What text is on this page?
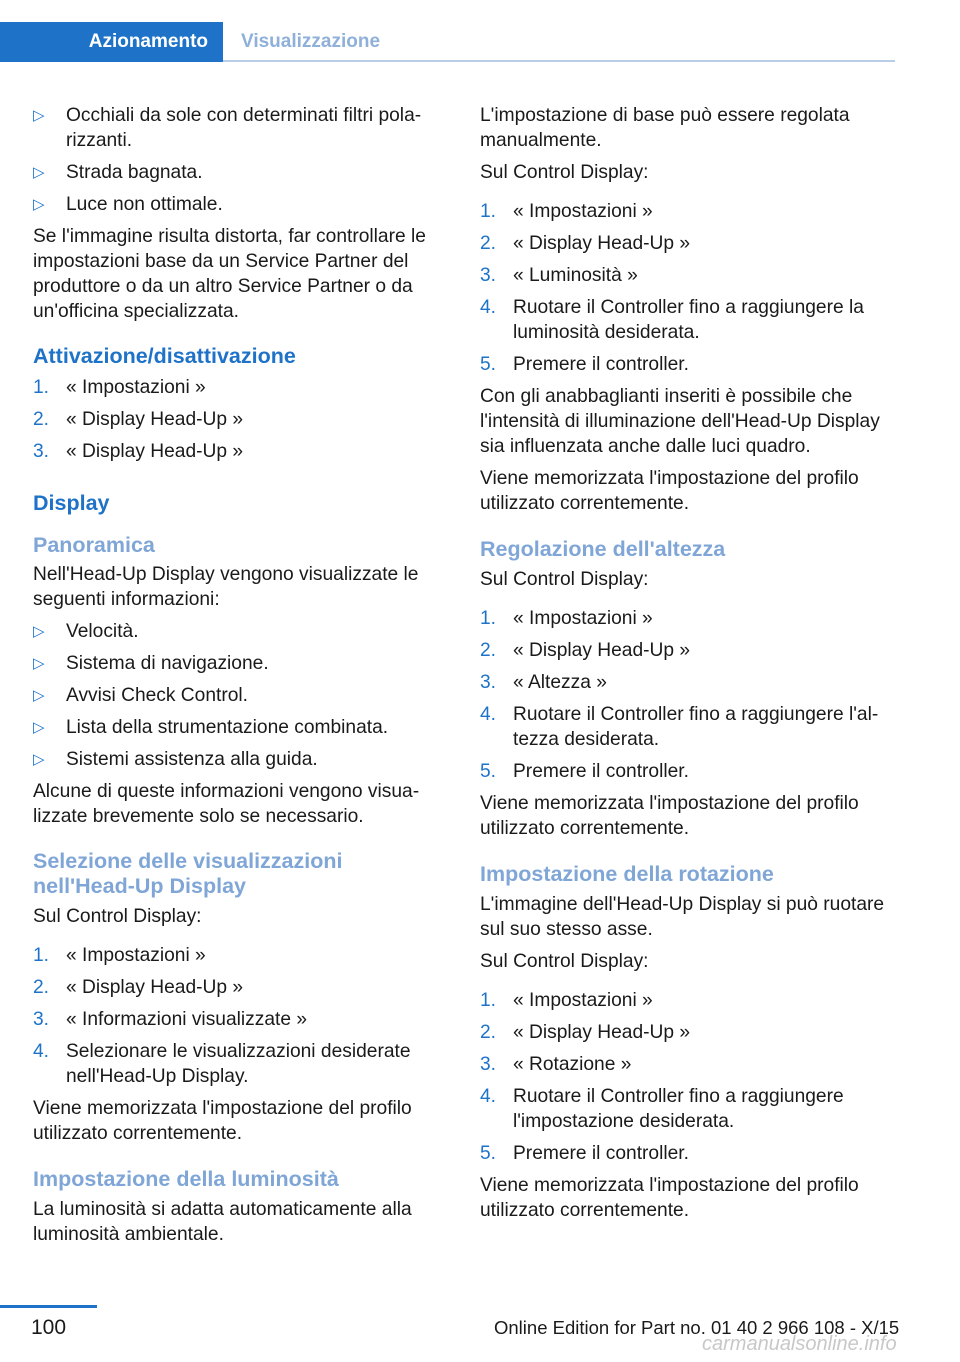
Azionamento	Visualizzazione
▷ Occhiali da sole con determinati filtri polarizzanti.
▷ Strada bagnata.
▷ Luce non ottimale.

Se l'immagine risulta distorta, far controllare le impostazioni base da un Service Partner del produttore o da un altro Service Partner o da un'officina specializzata.

Attivazione/disattivazione
1. « Impostazioni »
2. « Display Head-Up »
3. « Display Head-Up »
Display
Panoramica

Nell'Head-Up Display vengono visualizzate le seguenti informazioni:

▷ Velocità.
▷ Sistema di navigazione.
▷ Avvisi Check Control.
▷ Lista della strumentazione combinata.
▷ Sistemi assistenza alla guida.

Alcune di queste informazioni vengono visualizzate brevemente solo se necessario.

Selezione delle visualizzazioni nell'Head-Up Display

Sul Control Display:

1. « Impostazioni »
2. « Display Head-Up »
3. « Informazioni visualizzate »
4. Selezionare le visualizzazioni desiderate nell'Head-Up Display.

Viene memorizzata l'impostazione del profilo utilizzato correntemente.

Impostazione della luminosità

La luminosità si adatta automaticamente alla luminosità ambientale.

L'impostazione di base può essere regolata manualmente.

Sul Control Display:

1. « Impostazioni »
2. « Display Head-Up »
3. « Luminosità »
4. Ruotare il Controller fino a raggiungere la luminosità desiderata.
5. Premere il controller.

Con gli anabbaglianti inseriti è possibile che l'intensità di illuminazione dell'Head-Up Display sia influenzata anche dalle luci quadro.

Viene memorizzata l'impostazione del profilo utilizzato correntemente.

Regolazione dell'altezza

Sul Control Display:

1. « Impostazioni »
2. « Display Head-Up »
3. « Altezza »
4. Ruotare il Controller fino a raggiungere l'altezza desiderata.
5. Premere il controller.

Viene memorizzata l'impostazione del profilo utilizzato correntemente.

Impostazione della rotazione

L'immagine dell'Head-Up Display si può ruotare sul suo stesso asse.

Sul Control Display:

1. « Impostazioni »
2. « Display Head-Up »
3. « Rotazione »
4. Ruotare il Controller fino a raggiungere l'impostazione desiderata.
5. Premere il controller.

Viene memorizzata l'impostazione del profilo utilizzato correntemente.

100	Online Edition for Part no. 01 40 2 966 108 - X/15
carmanualsonline.info
